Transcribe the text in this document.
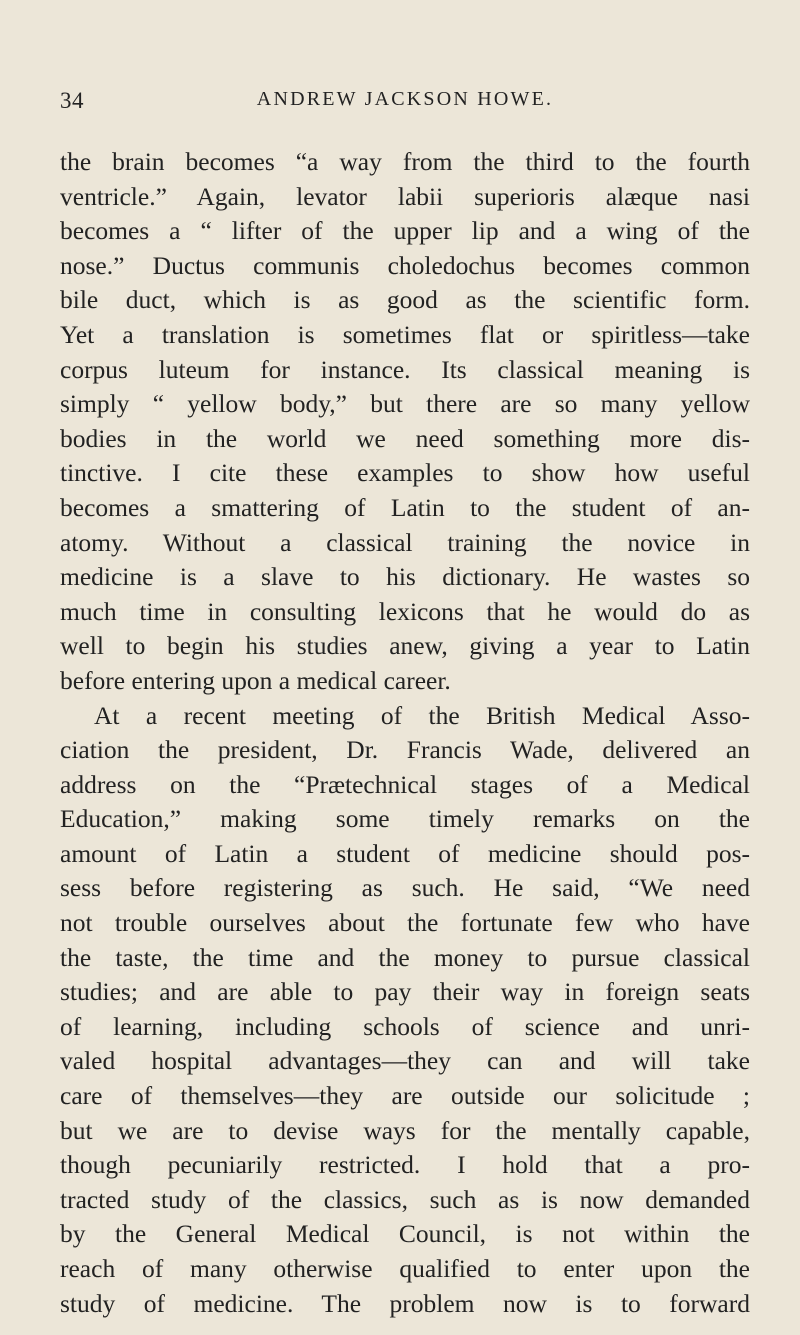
34	ANDREW JACKSON HOWE.
the brain becomes “a way from the third to the fourth
ventricle.” Again, levator labii superioris alæque nasi
becomes a “ lifter of the upper lip and a wing of the
nose.” Ductus communis choledochus becomes common
bile duct, which is as good as the scientific form.
Yet a translation is sometimes flat or spiritless—take
corpus luteum for instance. Its classical meaning is
simply “ yellow body,” but there are so many yellow
bodies in the world we need something more dis-
tinctive. I cite these examples to show how useful
becomes a smattering of Latin to the student of an-
atomy. Without a classical training the novice in
medicine is a slave to his dictionary. He wastes so
much time in consulting lexicons that he would do as
well to begin his studies anew, giving a year to Latin
before entering upon a medical career.
At a recent meeting of the British Medical Asso-
ciation the president, Dr. Francis Wade, delivered an
address on the “Prætechnical stages of a Medical
Education,” making some timely remarks on the
amount of Latin a student of medicine should pos-
sess before registering as such. He said, “We need
not trouble ourselves about the fortunate few who have
the taste, the time and the money to pursue classical
studies; and are able to pay their way in foreign seats
of learning, including schools of science and unri-
valed hospital advantages—they can and will take
care of themselves—they are outside our solicitude ;
but we are to devise ways for the mentally capable,
though pecuniarily restricted. I hold that a pro-
tracted study of the classics, such as is now demanded
by the General Medical Council, is not within the
reach of many otherwise qualified to enter upon the
study of medicine. The problem now is to forward
